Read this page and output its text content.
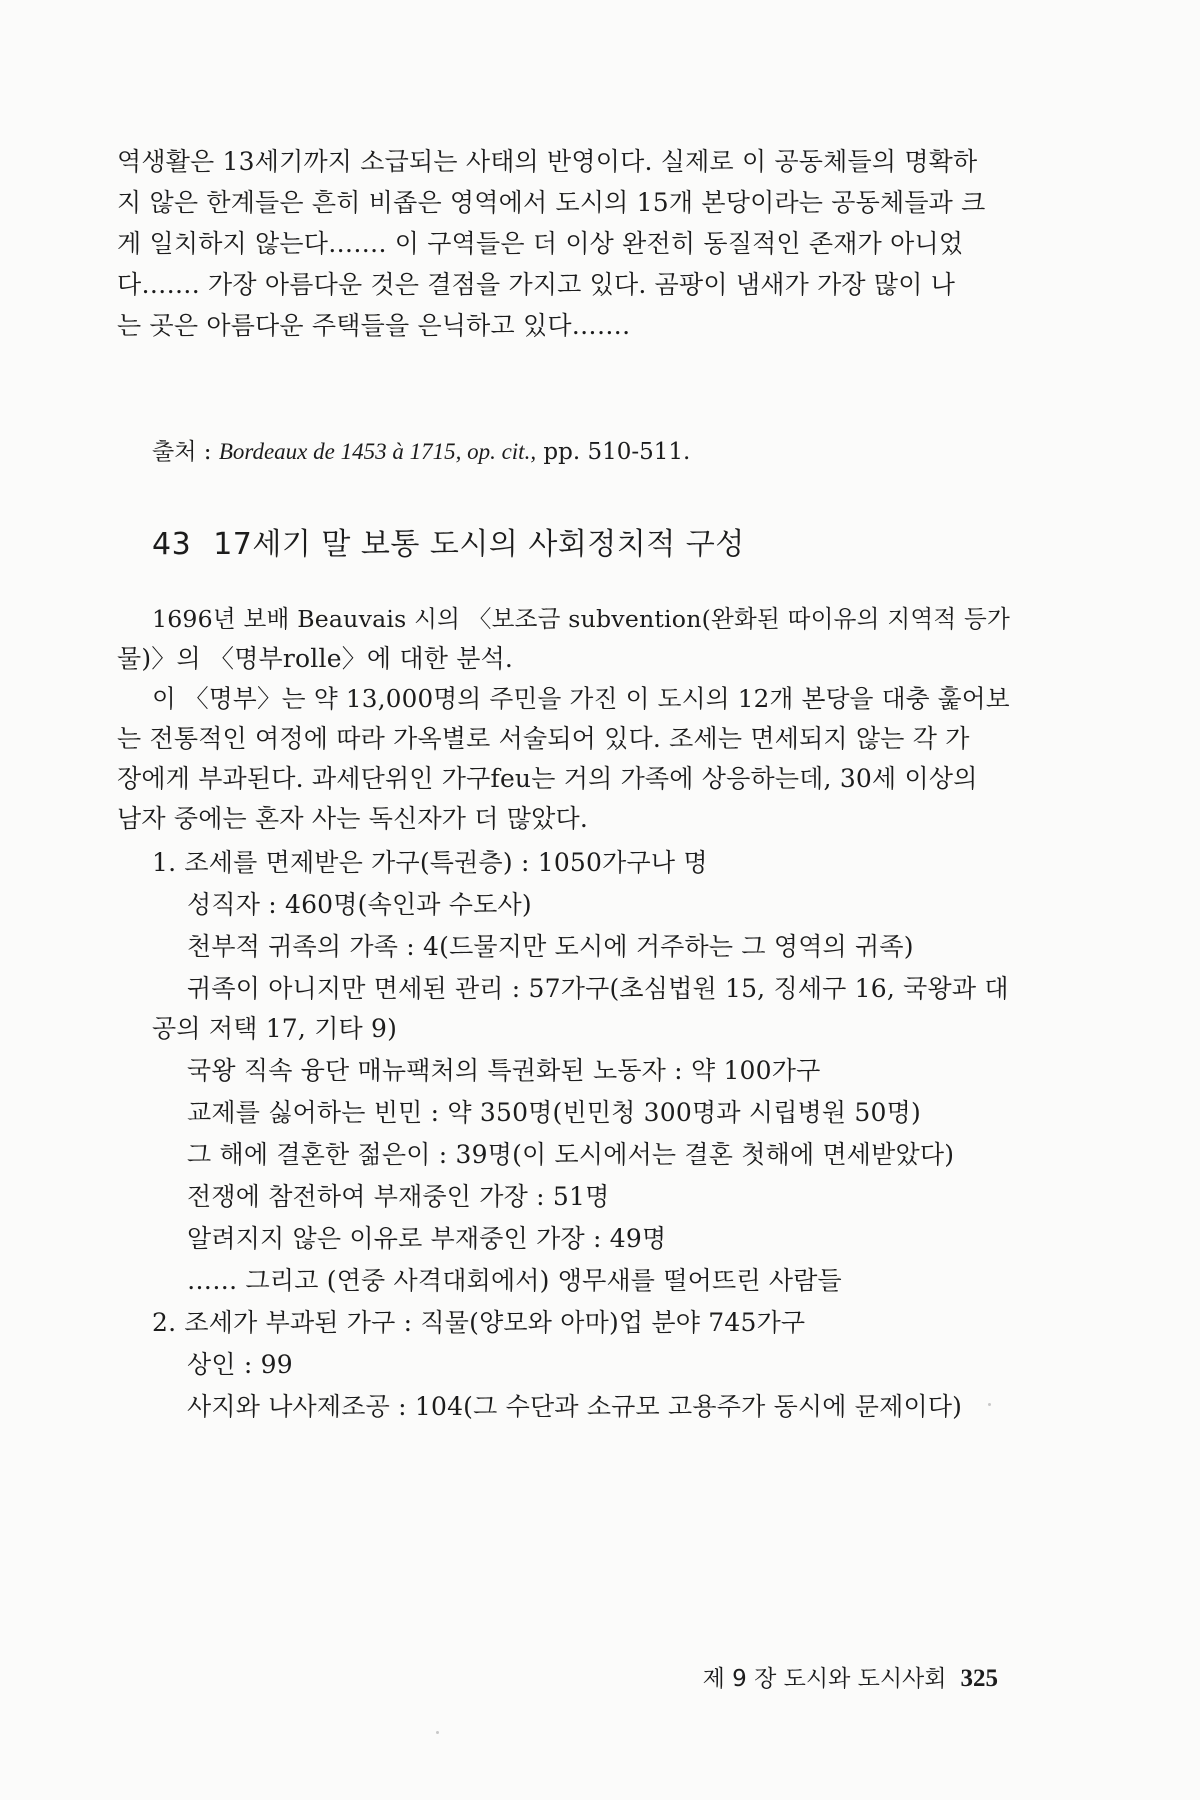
역생활은 13세기까지 소급되는 사태의 반영이다. 실제로 이 공동체들의 명확하
지 않은 한계들은 흔히 비좁은 영역에서 도시의 15개 본당이라는 공동체들과 크
게 일치하지 않는다……. 이 구역들은 더 이상 완전히 동질적인 존재가 아니었
다……. 가장 아름다운 것은 결점을 가지고 있다. 곰팡이 냄새가 가장 많이 나
는 곳은 아름다운 주택들을 은닉하고 있다…….
출처 : Bordeaux de 1453 à 1715, op. cit., pp. 510-511.
43 17세기 말 보통 도시의 사회정치적 구성
1696년 보배 Beauvais 시의 〈보조금 subvention(완화된 따이유의 지역적 등가
물)〉의 〈명부rolle〉에 대한 분석.
이 〈명부〉는 약 13,000명의 주민을 가진 이 도시의 12개 본당을 대충 훑어보
는 전통적인 여정에 따라 가옥별로 서술되어 있다. 조세는 면세되지 않는 각 가
장에게 부과된다. 과세단위인 가구feu는 거의 가족에 상응하는데, 30세 이상의
남자 중에는 혼자 사는 독신자가 더 많았다.
1. 조세를 면제받은 가구(특권층) : 1050가구나 명
성직자 : 460명(속인과 수도사)
천부적 귀족의 가족 : 4(드물지만 도시에 거주하는 그 영역의 귀족)
귀족이 아니지만 면세된 관리 : 57가구(초심법원 15, 징세구 16, 국왕과 대
공의 저택 17, 기타 9)
국왕 직속 융단 매뉴팩처의 특권화된 노동자 : 약 100가구
교제를 싫어하는 빈민 : 약 350명(빈민청 300명과 시립병원 50명)
그 해에 결혼한 젊은이 : 39명(이 도시에서는 결혼 첫해에 면세받았다)
전쟁에 참전하여 부재중인 가장 : 51명
알려지지 않은 이유로 부재중인 가장 : 49명
…… 그리고 (연중 사격대회에서) 앵무새를 떨어뜨린 사람들
2. 조세가 부과된 가구 : 직물(양모와 아마)업 분야 745가구
상인 : 99
사지와 나사제조공 : 104(그 수단과 소규모 고용주가 동시에 문제이다)
제 9 장 도시와 도시사회 325
